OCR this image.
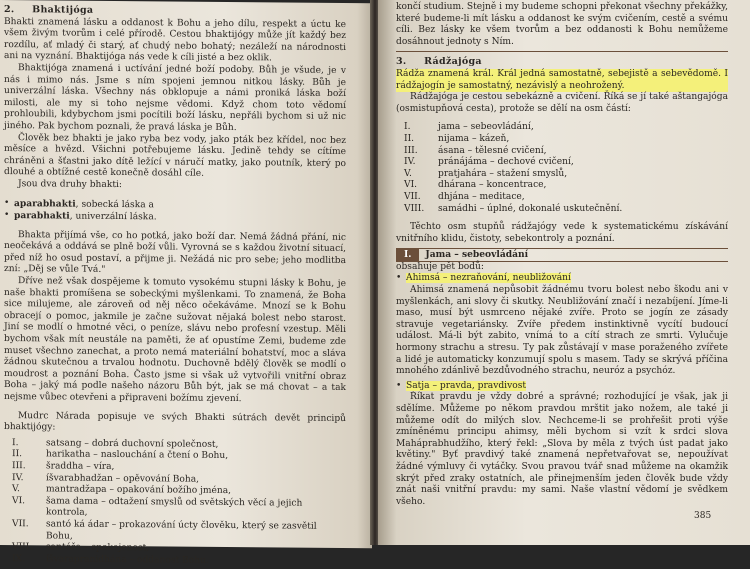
2. Bhaktijóga

Bhakti znamená lásku a oddanost k Bohu a jeho dílu, respekt a úctu ke všem živým tvorům i celé přírodě. Cestou bhaktijógy může jít každý bez rozdílu, ať mladý či starý, ať chudý nebo bohatý; nezáleží na národnosti ani na vyznání. Bhaktijóga nás vede k cíli jisté a bez oklik.

Bhaktijóga znamená i uctívání jedné boží podoby. Bůh je všude, je v nás i mimo nás. Jsme s ním spojeni jemnou nitkou lásky. Bůh je univerzální láska. Všechny nás obklopuje a námi proniká láska boží milosti, ale my si toho nejsme vědomi. Když chom toto vědomí prohloubili, kdybychom jsmi pocítili boží lásku, nepřáli bychom si už nic jiného. Pak bychom poznali, že pravá láska je Bůh.

Člověk bez bhakti je jako ryba bez vody, jako pták bez křídel, noc bez měsíce a hvězd. Všichni potřebujeme lásku. Jedině tehdy se cítíme chráněni a šťastni jako dítě ležící v náručí matky, jako poutník, který po dlouhé a obtížné cestě konečně dosáhl cíle.

Jsou dva druhy bhakti:

• aparabhakti, sobecká láska a
• parabhakti, univerzální láska.

Bhakta přijímá vše, co ho potká, jako boží dar. Nemá žádná přání, nic neočekává a oddává se plně boží vůli. Vyrovná se s každou životní situací, před níž ho osud postaví, a přijme ji. Nežádá nic pro sebe; jeho modlitba zní: „Děj se vůle Tvá."

Dříve než však dospějeme k tomuto vysokému stupni lásky k Bohu, je naše bhakti promíšena se sobeckými myšlenkami. To znamená, že Boha sice milujeme, ale zároveň od něj něco očekáváme. Mnozí se k Bohu obracejí o pomoc, jakmile je začne sužovat nějaká bolest nebo starost. Jiní se modlí o hmotné věci, o peníze, slávu nebo profesní vzestup. Měli bychom však mít neustále na paměti, že ať opustíme Zemi, budeme zde muset všechno zanechat, a proto nemá materiální bohatství, moc a sláva žádnou skutečnou a trvalou hodnotu. Duchovně bdělý člověk se modlí o moudrost a poznání Boha. Často jsme si však už vytvořili vnitřní obraz Boha – jaký má podle našeho názoru Bůh být, jak se má chovat – a tak nejsme vůbec otevřeni a připraveni božímu zjevení.

Mudrc Nárada popisuje ve svých Bhakti sútrách devět principů bhaktijógy:

I.	satsang – dobrá duchovní společnost,
II.	harikatha – naslouchání a čtení o Bohu,
III.	šraddha – víra,
IV.	íšvarabhadžan – opěvování Boha,
V.	mantradžapa – opakování božího jména,
VI.	šama dama – odtažení smyslů od světských věcí a jejich kontrola,
VII.	santó ká ádar – prokazování úcty člověku, který se zasvětil Bohu,
VIII.	santóša – spokojenost,
IX.	íšvarapranidhána – oddanost Bohu.

končí studium. Stejně i my budeme schopni překonat všechny překážky, které budeme-li mít lásku a oddanost ke svým cvičením, cestě a svému cíli. Bez lásky ke všem tvorům a bez oddanosti k Bohu nemůžeme dosáhnout jednoty s Ním.

3. Rádžajóga

Rádža znamená král. Král jedná samostatně, sebejistě a sebevědomě. I rádžajogín je samostatný, nezávislý a neohrožený.

Rádžajóga je cestou sebekázně a cvičení. Říká se jí také aštangajóga (osmistupňová cesta), protože se dělí na osm částí:

I.	jama – sebeovládání,
II.	nijama – kázeň,
III.	ásana – tělesné cvičení,
IV.	pránájáma – dechové cvičení,
V.	pratjahára – stažení smyslů,
VI.	dhárana – koncentrace,
VII.	dhjána – meditace,
VIII.	samádhi – úplné, dokonalé uskutečnění.

Těchto osm stupňů rádžajógy vede k systematickému získávání vnitřního klidu, čistoty, sebekontroly a poznání.

I.	Jama – sebeovládání

obsahuje pět bodů:

• Ahimsá – nezraňování, neubližování

Ahimsá znamená nepůsobit žádnému tvoru bolest nebo škodu ani v myšlenkách, ani slovy či skutky. Neubližování značí i nezabíjení. Jíme-li maso, musí být usmrceno nějaké zvíře. Proto se jogín ze zásady stravuje vegetariánsky. Zvíře předem instinktivně vycítí budoucí událost. Má-li být zabito, vnímá to a cítí strach ze smrti. Vylučuje hormony strachu a stresu. Ty pak zůstávají v mase poraženého zvířete a lidé je automaticky konzumují spolu s masem. Tady se skrývá příčina mnohého zdánlivě bezdůvodného strachu, neuróz a psychóz.

• Satja – pravda, pravdivost

Říkat pravdu je vždy dobré a správné; rozhodující je však, jak ji sdělíme. Můžeme po někom pravdou mrštit jako nožem, ale také ji můžeme odít do milých slov. Nechceme-li se prohřešit proti výše zmíněnému principu ahimsy, měli bychom si vzít k srdci slova Maháprabhudžího, který řekl: „Slova by měla z tvých úst padat jako květiny." Byť pravdivý také znamená nepřetvařovat se, nepoužívat žádné výmluvy či vytáčky. Svou pravou tvář snad můžeme na okamžik skrýt před zraky ostatních, ale přinejmenším jeden člověk bude vždy znát naši vnitřní pravdu: my sami. Naše vlastní vědomí je svědkem všeho.

385
